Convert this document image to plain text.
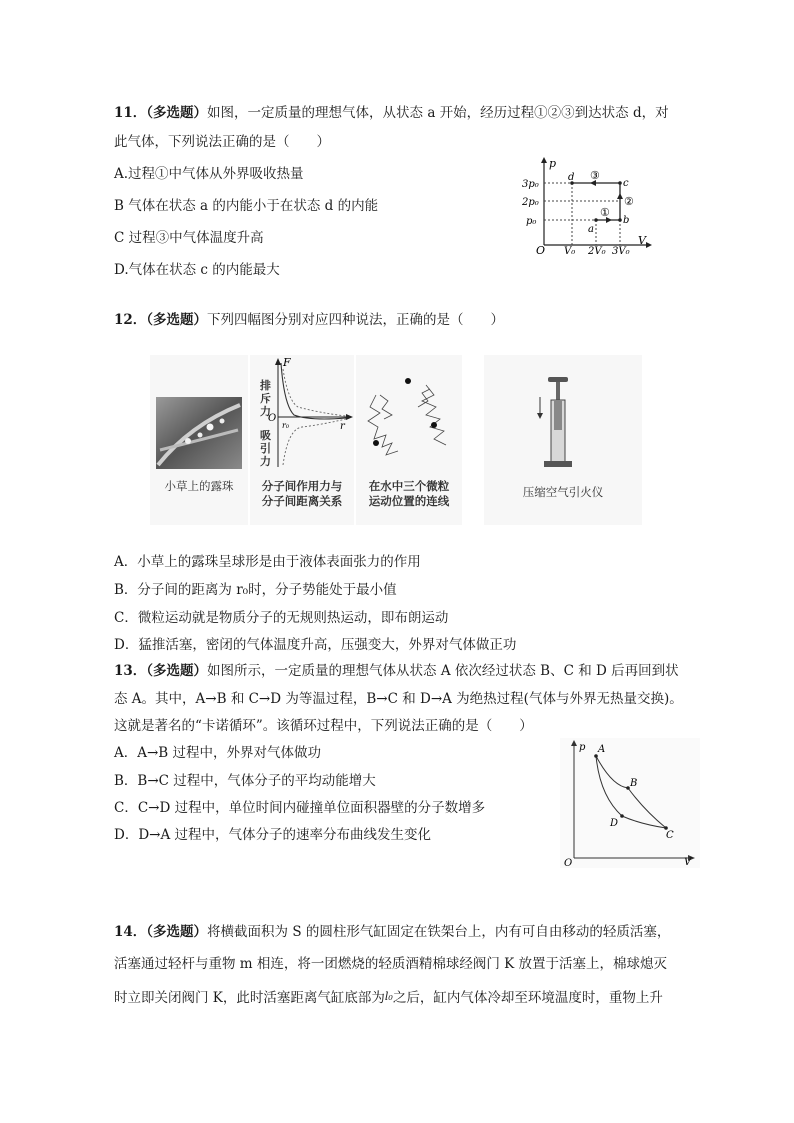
11．（多选题）如图，一定质量的理想气体，从状态 a 开始，经历过程①②③到达状态 d，对
此气体，下列说法正确的是（　　）
A.过程①中气体从外界吸收热量
B 气体在状态 a 的内能小于在状态 d 的内能
C 过程③中气体温度升高
D.气体在状态 c 的内能最大
p
V
O
3p₀
2p₀
p₀
V₀ 2V₀ 3V₀
a
b
c
d
①
②
③
12．（多选题）下列四幅图分别对应四种说法，正确的是（　　）
小草上的露珠
F
r
O
r₀
排斥力
吸引力
分子间作用力与
分子间距离关系
在水中三个微粒
运动位置的连线
压缩空气引火仪
A．小草上的露珠呈球形是由于液体表面张力的作用
B．分子间的距离为 r₀时，分子势能处于最小值
C．微粒运动就是物质分子的无规则热运动，即布朗运动
D．猛推活塞，密闭的气体温度升高，压强变大，外界对气体做正功
13．（多选题）如图所示，一定质量的理想气体从状态 A 依次经过状态 B、C 和 D 后再回到状
态 A。其中，A→B 和 C→D 为等温过程，B→C 和 D→A 为绝热过程(气体与外界无热量交换)。
这就是著名的“卡诺循环”。该循环过程中，下列说法正确的是（　　）
A．A→B 过程中，外界对气体做功
B．B→C 过程中，气体分子的平均动能增大
C．C→D 过程中，单位时间内碰撞单位面积器壁的分子数增多
D．D→A 过程中，气体分子的速率分布曲线发生变化
p
V
O
A
B
C
D
14．（多选题）将横截面积为 S 的圆柱形气缸固定在铁架台上，内有可自由移动的轻质活塞，
活塞通过轻杆与重物 m 相连，将一团燃烧的轻质酒精棉球经阀门 K 放置于活塞上，棉球熄灭
时立即关闭阀门 K，此时活塞距离气缸底部为l₀之后，缸内气体冷却至环境温度时，重物上升
